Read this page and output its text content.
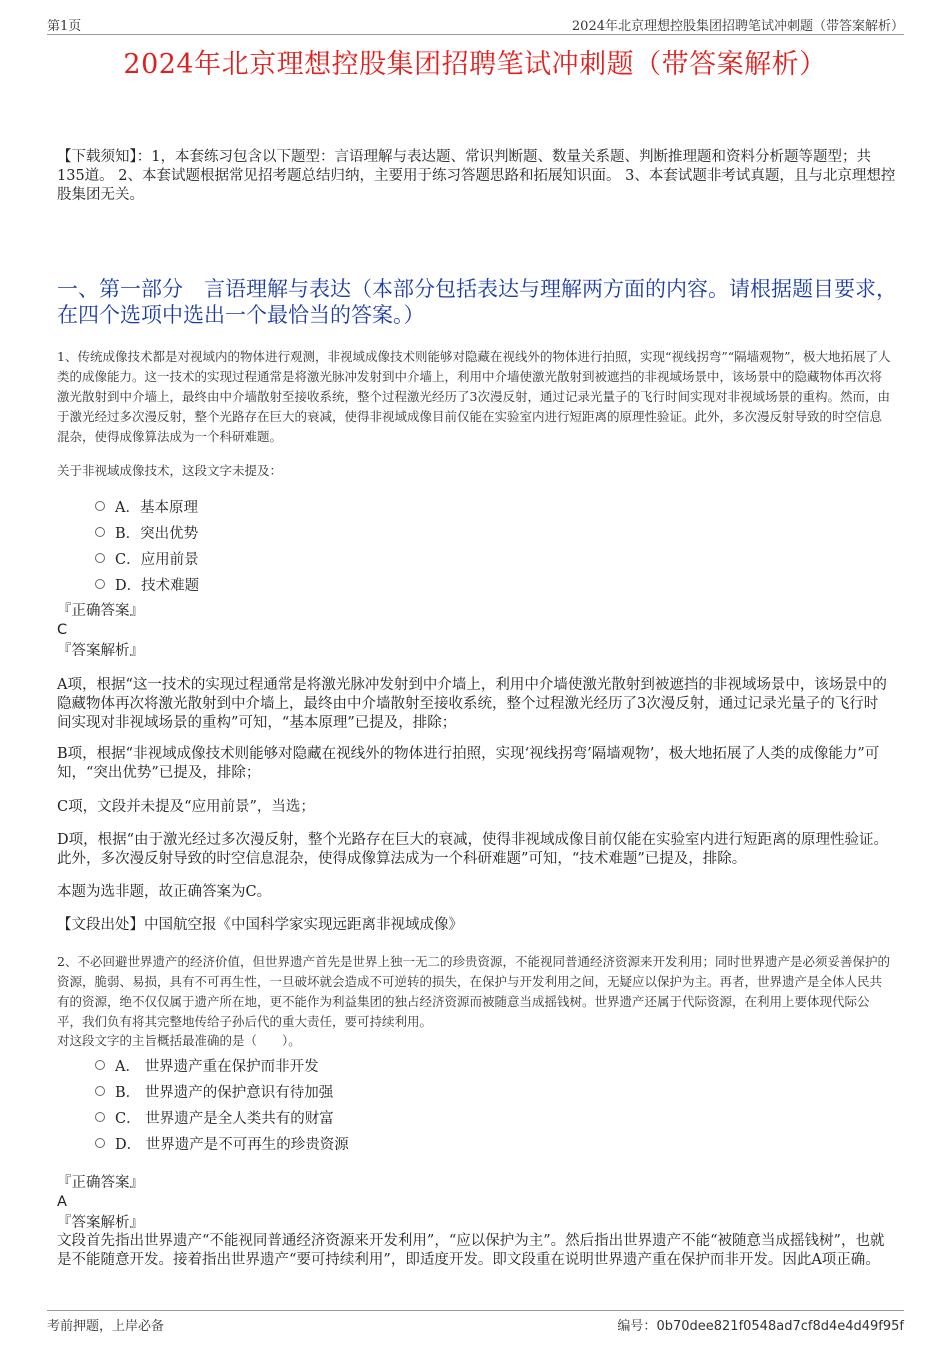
第1页	2024年北京理想控股集团招聘笔试冲刺题（带答案解析）
2024年北京理想控股集团招聘笔试冲刺题（带答案解析）
【下载须知】：1，本套练习包含以下题型：言语理解与表达题、常识判断题、数量关系题、判断推理题和资料分析题等题型；共135道。 2、本套试题根据常见招考题总结归纳，主要用于练习答题思路和拓展知识面。 3、本套试题非考试真题，且与北京理想控股集团无关。
一、第一部分　言语理解与表达（本部分包括表达与理解两方面的内容。请根据题目要求，在四个选项中选出一个最恰当的答案。）
1、传统成像技术都是对视域内的物体进行观测，非视域成像技术则能够对隐藏在视线外的物体进行拍照，实现“视线拐弯”“隔墙观物”，极大地拓展了人类的成像能力。这一技术的实现过程通常是将激光脉冲发射到中介墙上，利用中介墙使激光散射到被遮挡的非视域场景中，该场景中的隐藏物体再次将激光散射到中介墙上，最终由中介墙散射至接收系统，整个过程激光经历了3次漫反射，通过记录光量子的飞行时间实现对非视域场景的重构。然而，由于激光经过多次漫反射，整个光路存在巨大的衰减，使得非视域成像目前仅能在实验室内进行短距离的原理性验证。此外，多次漫反射导致的时空信息混杂，使得成像算法成为一个科研难题。
关于非视域成像技术，这段文字未提及：
A．基本原理
B．突出优势
C．应用前景
D．技术难题
『正确答案』
C
『答案解析』
A项，根据“这一技术的实现过程通常是将激光脉冲发射到中介墙上，利用中介墙使激光散射到被遮挡的非视域场景中，该场景中的隐藏物体再次将激光散射到中介墙上，最终由中介墙散射至接收系统，整个过程激光经历了3次漫反射，通过记录光量子的飞行时间实现对非视域场景的重构”可知，“基本原理”已提及，排除；
B项，根据“非视域成像技术则能够对隐藏在视线外的物体进行拍照，实现‘视线拐弯’隔墙观物’，极大地拓展了人类的成像能力”可知，“突出优势”已提及，排除；
C项，文段并未提及“应用前景”，当选；
D项，根据“由于激光经过多次漫反射，整个光路存在巨大的衰减，使得非视域成像目前仅能在实验室内进行短距离的原理性验证。此外，多次漫反射导致的时空信息混杂，使得成像算法成为一个科研难题”可知，“技术难题”已提及，排除。
本题为选非题，故正确答案为C。
【文段出处】中国航空报《中国科学家实现远距离非视域成像》
2、不必回避世界遗产的经济价值，但世界遗产首先是世界上独一无二的珍贵资源，不能视同普通经济资源来开发利用；同时世界遗产是必须妥善保护的资源，脆弱、易损，具有不可再生性，一旦破坏就会造成不可逆转的损失，在保护与开发利用之间，无疑应以保护为主。再者，世界遗产是全体人民共有的资源，绝不仅仅属于遗产所在地，更不能作为利益集团的独占经济资源而被随意当成摇钱树。世界遗产还属于代际资源，在利用上要体现代际公平，我们负有将其完整地传给子孙后代的重大责任，要可持续利用。
对这段文字的主旨概括最准确的是（　　）。
A． 世界遗产重在保护而非开发
B． 世界遗产的保护意识有待加强
C． 世界遗产是全人类共有的财富
D． 世界遗产是不可再生的珍贵资源
『正确答案』
A
『答案解析』
文段首先指出世界遗产“不能视同普通经济资源来开发利用”，“应以保护为主”。然后指出世界遗产不能“被随意当成摇钱树”，也就是不能随意开发。接着指出世界遗产“要可持续利用”，即适度开发。即文段重在说明世界遗产重在保护而非开发。因此A项正确。
考前押题，上岸必备	编号：0b70dee821f0548ad7cf8d4e4d49f95f
